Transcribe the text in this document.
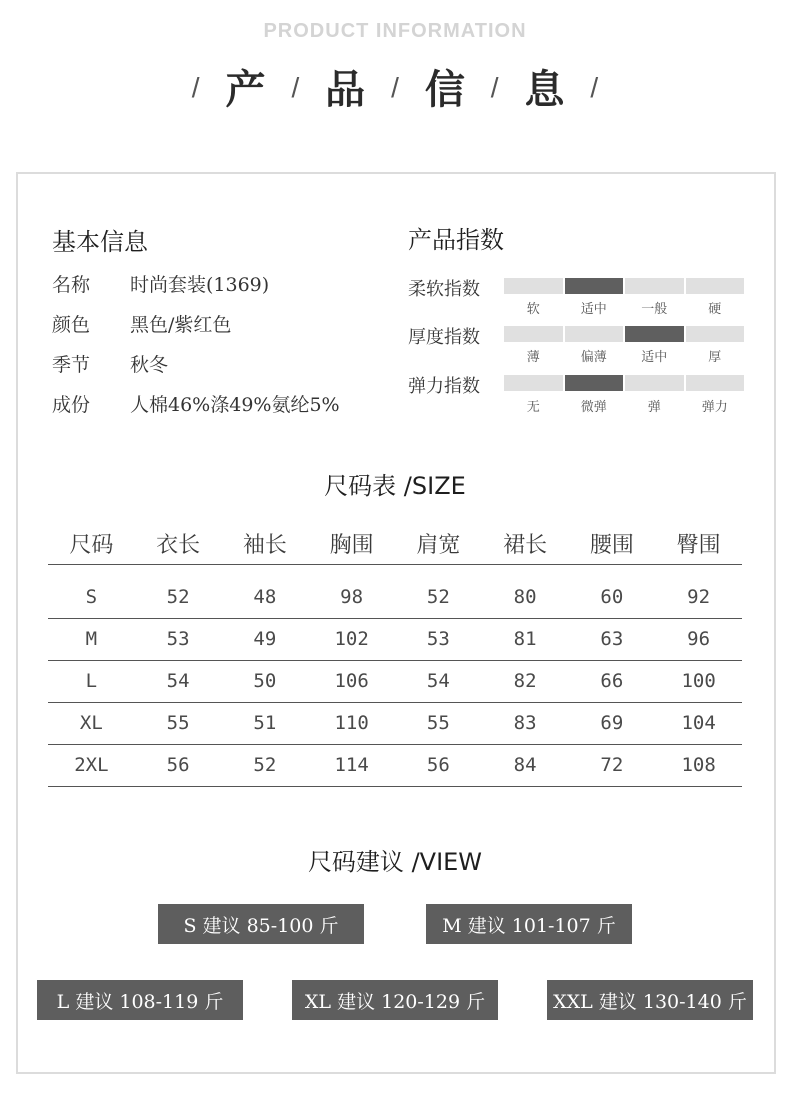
PRODUCT INFORMATION
/ 产 / 品 / 信 / 息 /
基本信息
名称 时尚套装(1369)
颜色 黑色/紫红色
季节 秋冬
成份 人棉46%涤49%氨纶5%
产品指数
柔软指数
软	适中	一般	硬
厚度指数
薄	偏薄	适中	厚
弹力指数
无	微弹	弹	弹力
尺码表 /SIZE
尺码	衣长	袖长	胸围	肩宽	裙长	腰围	臀围

S	52	48	98	52	80	60	92
M	53	49	102	53	81	63	96
L	54	50	106	54	82	66	100
XL	55	51	110	55	83	69	104
2XL	56	52	114	56	84	72	108
尺码建议 /VIEW
S 建议 85-100 斤	M 建议 101-107 斤
L 建议 108-119 斤	XL 建议 120-129 斤	XXL 建议 130-140 斤
